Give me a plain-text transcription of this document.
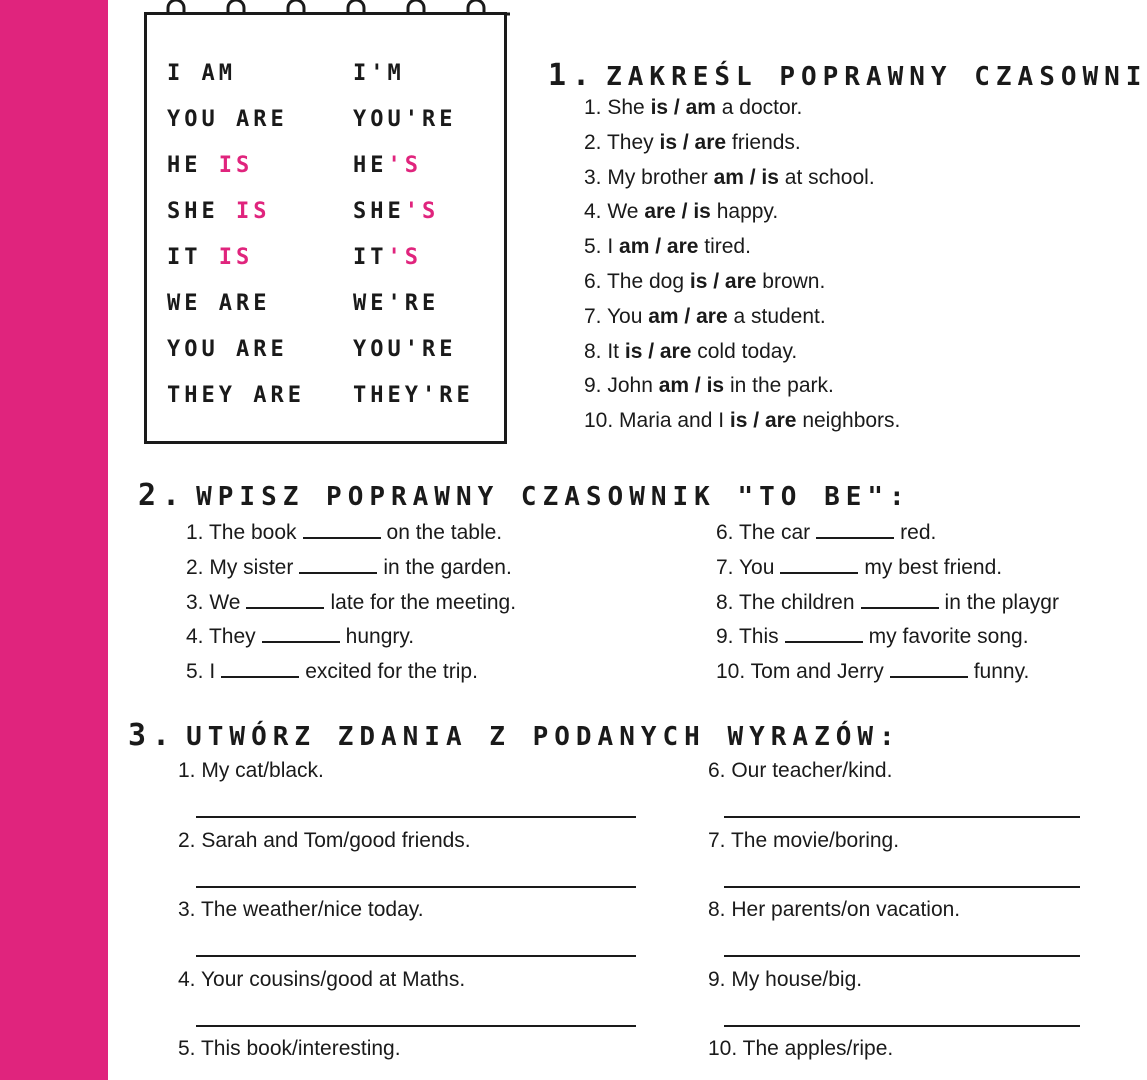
I AM	I'M
YOU ARE	YOU'RE
HE IS	HE'S
SHE IS	SHE'S
IT IS	IT'S
WE ARE	WE'RE
YOU ARE	YOU'RE
THEY ARE THEY'RE
1. ZAKREŚL POPRAWNY CZASOWNI
1. She is / am a doctor.
2. They is / are friends.
3. My brother am / is at school.
4. We are / is happy.
5. I am / are tired.
6. The dog is / are brown.
7. You am / are a student.
8. It is / are cold today.
9. John am / is in the park.
10. Maria and I is / are neighbors.
2. WPISZ POPRAWNY CZASOWNIK "TO BE":
1. The book	on the table.
2. My sister	in the garden.
3. We	late for the meeting.
4. They	hungry.
5. I	excited for the trip.
6. The car	red.
7. You	my best friend.
8. The children	in the playgr
9. This	my favorite song.
10. Tom and Jerry	funny.
3. UTWÓRZ ZDANIA Z PODANYCH WYRAZÓW:
1. My cat/black.
2. Sarah and Tom/good friends.
3. The weather/nice today.
4. Your cousins/good at Maths.
5. This book/interesting.
6. Our teacher/kind.
7. The movie/boring.
8. Her parents/on vacation.
9. My house/big.
10. The apples/ripe.
